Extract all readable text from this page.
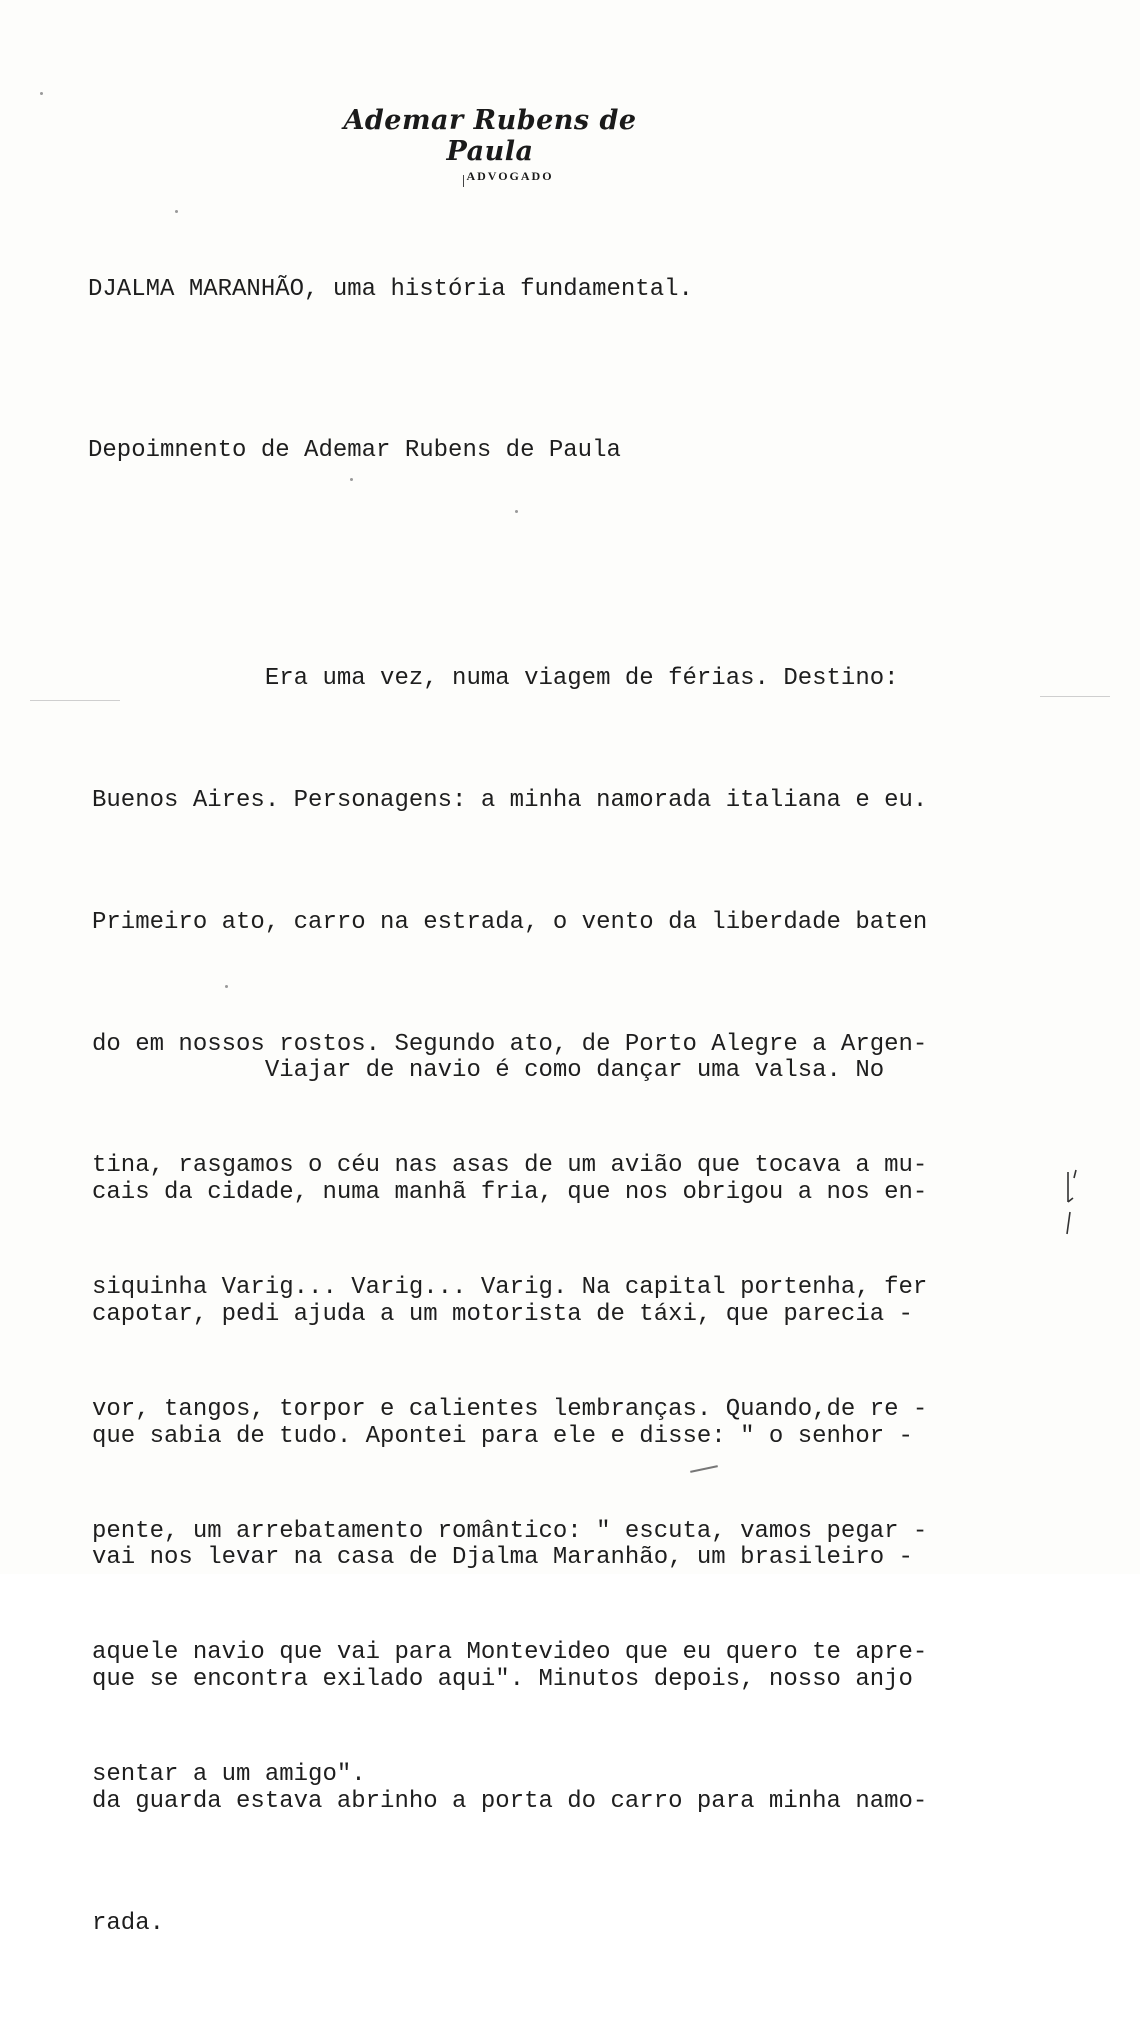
Ademar Rubens de Paula
ADVOGADO
DJALMA MARANHÃO, uma história fundamental.
Depoimnento de Ademar Rubens de Paula

Era uma vez, numa viagem de férias. Destino:

Buenos Aires. Personagens: a minha namorada italiana e eu.

Primeiro ato, carro na estrada, o vento da liberdade baten

do em nossos rostos. Segundo ato, de Porto Alegre a Argen-

tina, rasgamos o céu nas asas de um avião que tocava a mu-

siquinha Varig... Varig... Varig. Na capital portenha, fer

vor, tangos, torpor e calientes lembranças. Quando,de re -

pente, um arrebatamento romântico: " escuta, vamos pegar -

aquele navio que vai para Montevideo que eu quero te apre-

sentar a um amigo".

Viajar de navio é como dançar uma valsa. No

cais da cidade, numa manhã fria, que nos obrigou a nos en-

capotar, pedi ajuda a um motorista de táxi, que parecia -

que sabia de tudo. Apontei para ele e disse: " o senhor -

vai nos levar na casa de Djalma Maranhão, um brasileiro -

que se encontra exilado aqui". Minutos depois, nosso anjo

da guarda estava abrinho a porta do carro para minha namo-

rada.
